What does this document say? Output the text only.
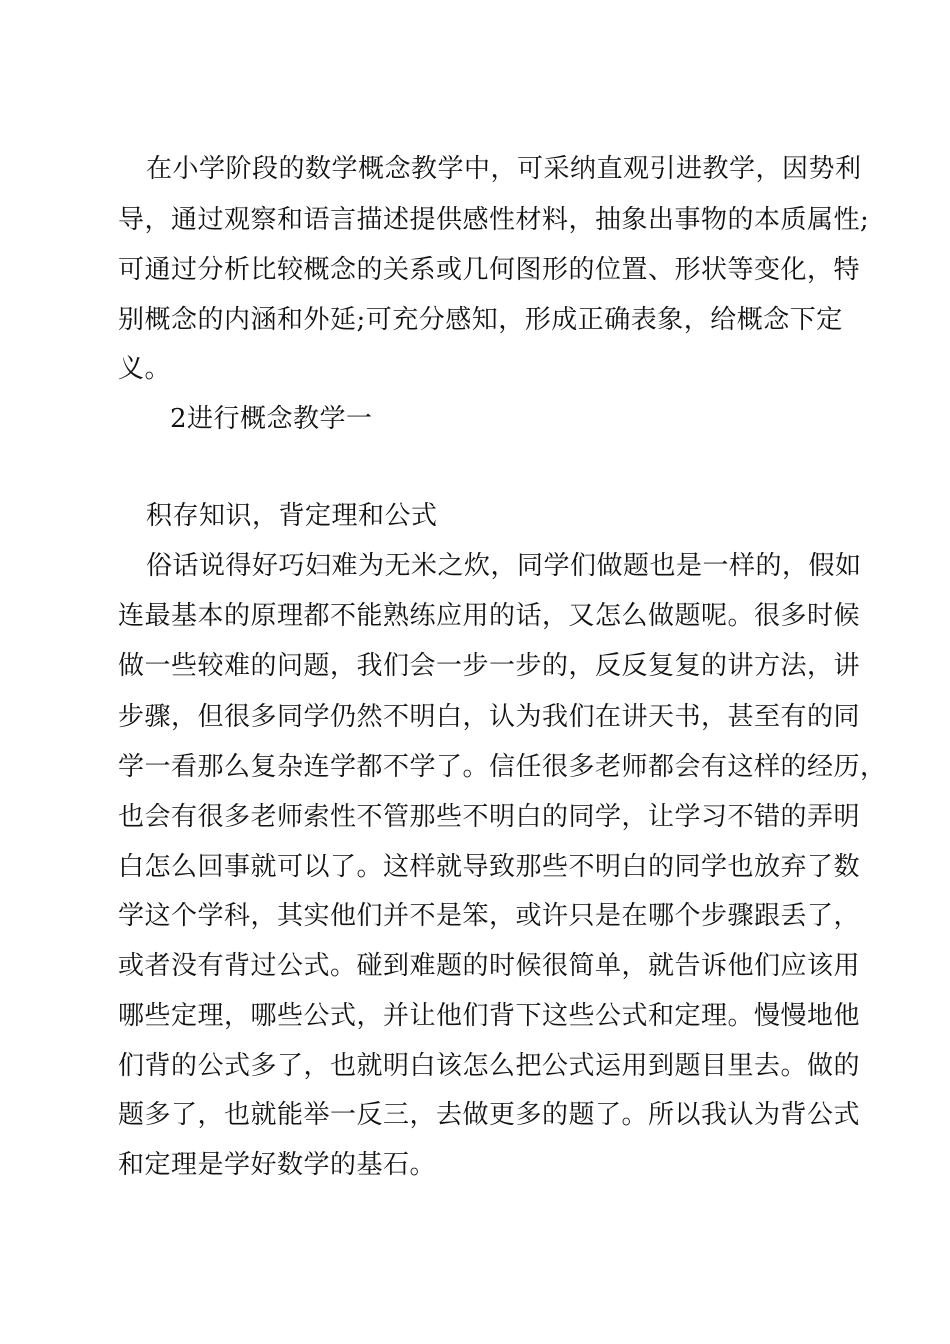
在小学阶段的数学概念教学中，可采纳直观引进教学，因势利
导，通过观察和语言描述提供感性材料，抽象出事物的本质属性;
可通过分析比较概念的关系或几何图形的位置、形状等变化，特
别概念的内涵和外延;可充分感知，形成正确表象，给概念下定
义。
2进行概念教学一
积存知识，背定理和公式
俗话说得好巧妇难为无米之炊，同学们做题也是一样的，假如
连最基本的原理都不能熟练应用的话，又怎么做题呢。很多时候
做一些较难的问题，我们会一步一步的，反反复复的讲方法，讲
步骤，但很多同学仍然不明白，认为我们在讲天书，甚至有的同
学一看那么复杂连学都不学了。信任很多老师都会有这样的经历，
也会有很多老师索性不管那些不明白的同学，让学习不错的弄明
白怎么回事就可以了。这样就导致那些不明白的同学也放弃了数
学这个学科，其实他们并不是笨，或许只是在哪个步骤跟丢了，
或者没有背过公式。碰到难题的时候很简单，就告诉他们应该用
哪些定理，哪些公式，并让他们背下这些公式和定理。慢慢地他
们背的公式多了，也就明白该怎么把公式运用到题目里去。做的
题多了，也就能举一反三，去做更多的题了。所以我认为背公式
和定理是学好数学的基石。
